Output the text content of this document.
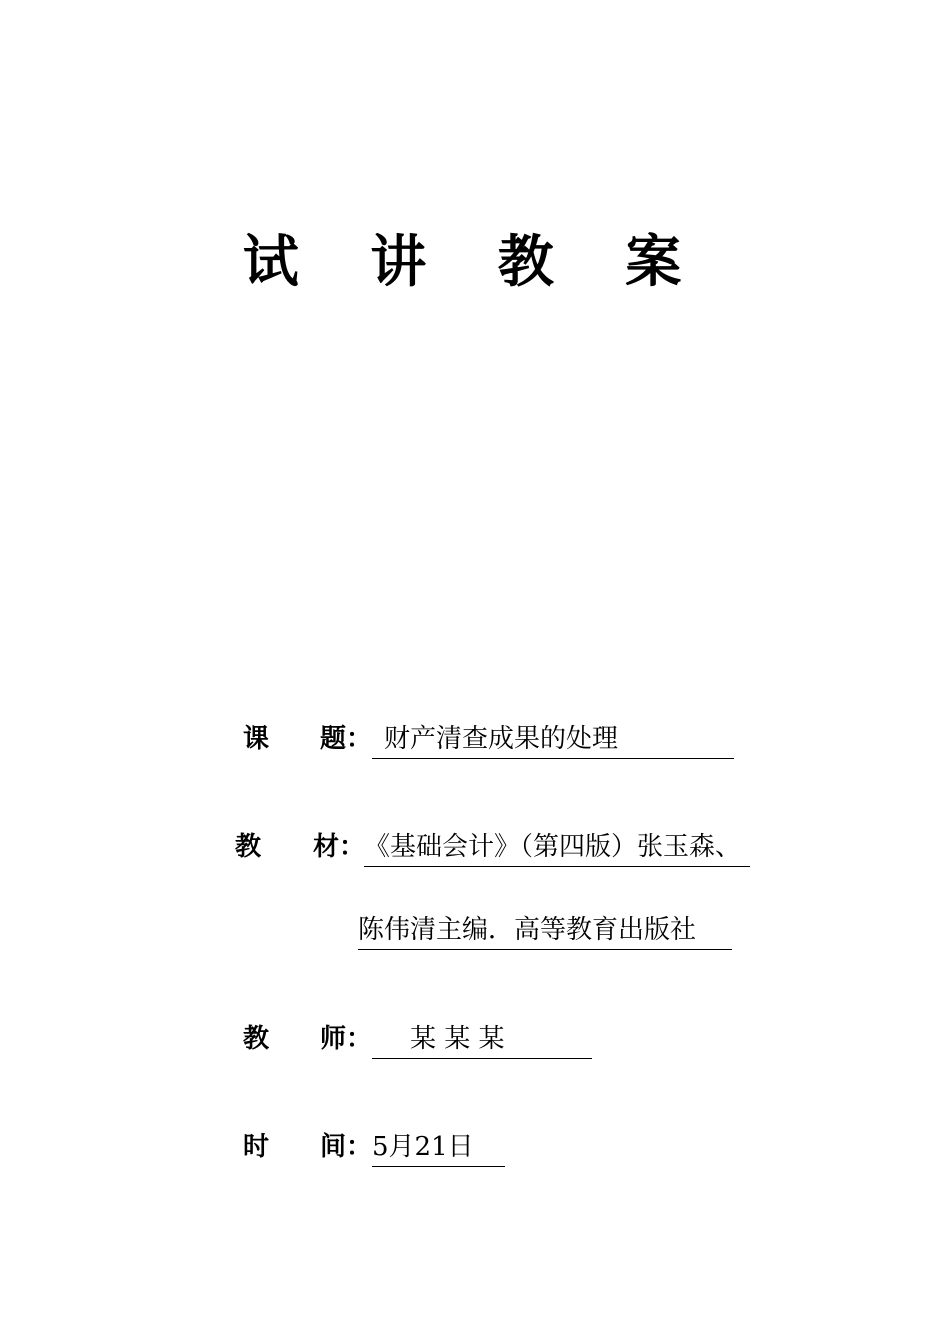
试 讲 教 案
课 题： 财产清查成果的处理
教 材：
《基础会计》（第四版）张玉森、
陈伟清主编．高等教育出版社
教 师：	某 某 某
时 间： 5月21日
